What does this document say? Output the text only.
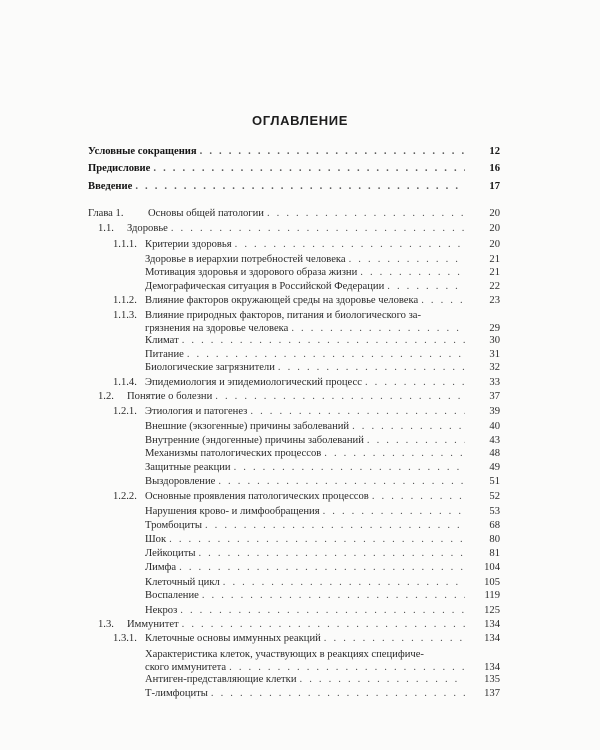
ОГЛАВЛЕНИЕ
Условные сокращения . . .	12
Предисловие . . .	16
Введение . . .	17
Глава 1. Основы общей патологии . . .	20
1.1. Здоровье . . .	20
1.1.1. Критерии здоровья . . .	20
Здоровье в иерархии потребностей человека . . .	21
Мотивация здоровья и здорового образа жизни . . .	21
Демографическая ситуация в Российской Федерации . . .	22
1.1.2. Влияние факторов окружающей среды на здоровье человека . . .	23
1.1.3. Влияние природных факторов, питания и биологического за-
грязнения на здоровье человека . . .	29
Климат . . .	30
Питание . . .	31
Биологические загрязнители . . .	32
1.1.4. Эпидемиология и эпидемиологический процесс . . .	33
1.2. Понятие о болезни . . .	37
1.2.1. Этиология и патогенез . . .	39
Внешние (экзогенные) причины заболеваний . . .	40
Внутренние (эндогенные) причины заболеваний . . .	43
Механизмы патологических процессов . . .	48
Защитные реакции . . .	49
Выздоровление . . .	51
1.2.2. Основные проявления патологических процессов . . .	52
Нарушения крово- и лимфообращения . . .	53
Тромбоциты . . .	68
Шок . . .	80
Лейкоциты . . .	81
Лимфа . . .	104
Клеточный цикл . . .	105
Воспаление . . .	119
Некроз . . .	125
1.3. Иммунитет . . .	134
1.3.1. Клеточные основы иммунных реакций . . .	134
Характеристика клеток, участвующих в реакциях специфиче-
ского иммунитета . . .	134
Антиген-представляющие клетки . . .	135
Т-лимфоциты . . .	137
